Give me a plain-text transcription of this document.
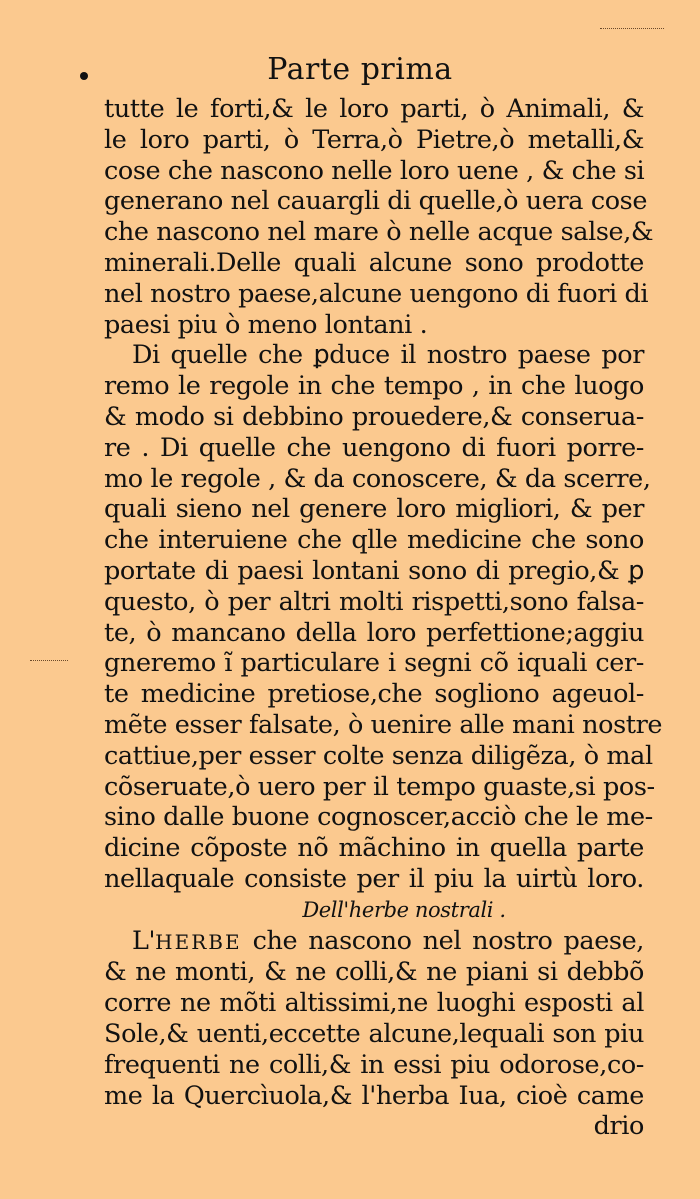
Parte prima
tutte le forti,& le loro parti, ò Animali, &
le loro parti, ò Terra,ò Pietre,ò metalli,&
cose che nascono nelle loro uene , & che si
generano nel cauargli di quelle,ò uera cose
che nascono nel mare ò nelle acque salse,&
minerali.Delle quali alcune sono prodotte
nel nostro paese,alcune uengono di fuori di
paesi piu ò meno lontani .
Di quelle che ꝑduce il nostro paese por
remo le regole in che tempo , in che luogo
& modo si debbino prouedere,& conserua-
re . Di quelle che uengono di fuori porre-
mo le regole , & da conoscere, & da scerre,
quali sieno nel genere loro migliori, & per
che interuiene che qlle medicine che sono
portate di paesi lontani sono di pregio,& ꝑ
questo, ò per altri molti rispetti,sono falsa-
te, ò mancano della loro perfettione;aggiu
gneremo ĩ particulare i segni cõ iquali cer-
te medicine pretiose,che sogliono ageuol-
mẽte esser falsate, ò uenire alle mani nostre
cattiue,per esser colte senza diligẽza, ò mal
cõseruate,ò uero per il tempo guaste,si pos-
sino dalle buone cognoscer,acciò che le me-
dicine cõposte nõ mãchino in quella parte
nellaquale consiste per il piu la uirtù loro.
Dell'herbe nostrali .
L'HERBE che nascono nel nostro paese,
& ne monti, & ne colli,& ne piani si debbõ
corre ne mõti altissimi,ne luoghi esposti al
Sole,& uenti,eccette alcune,lequali son piu
frequenti ne colli,& in essi piu odorose,co-
me la Quercìuola,& l'herba Iua, cioè came
drio
